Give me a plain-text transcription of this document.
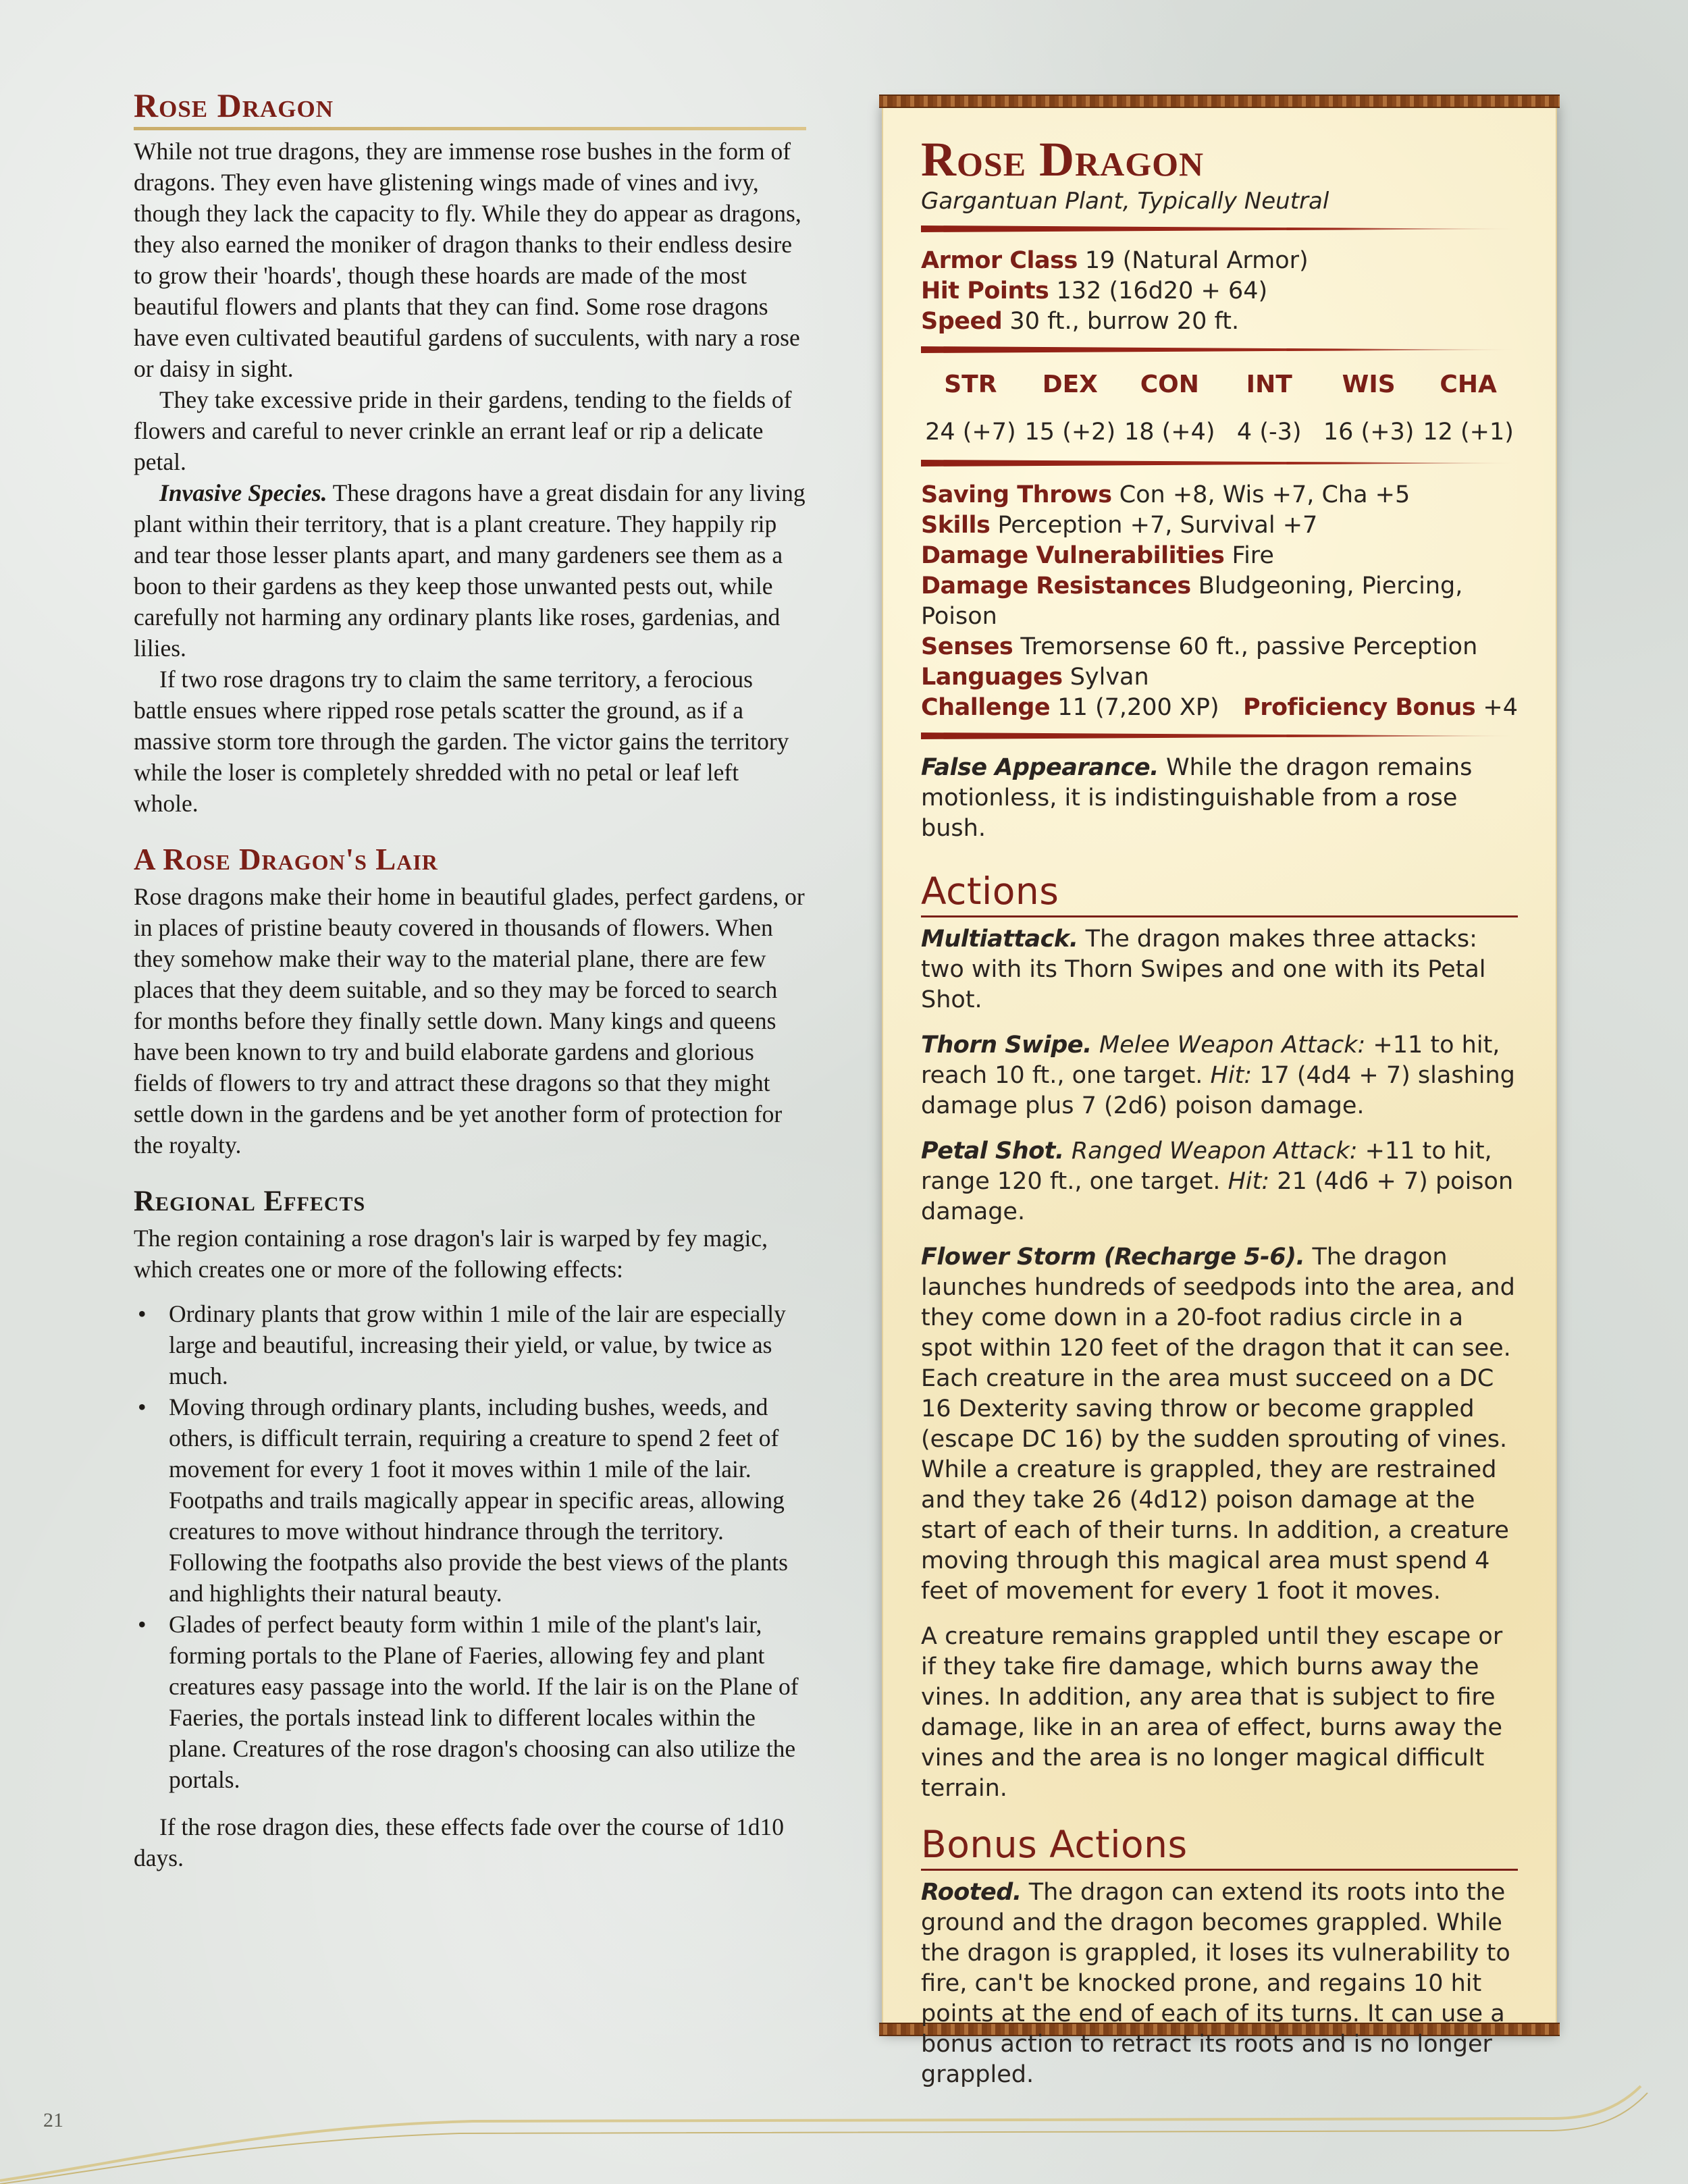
Rose Dragon

While not true dragons, they are immense rose bushes in the form of dragons. They even have glistening wings made of vines and ivy, though they lack the capacity to fly. While they do appear as dragons, they also earned the moniker of dragon thanks to their endless desire to grow their 'hoards', though these hoards are made of the most beautiful flowers and plants that they can find. Some rose dragons have even cultivated beautiful gardens of succulents, with nary a rose or daisy in sight.

They take excessive pride in their gardens, tending to the fields of flowers and careful to never crinkle an errant leaf or rip a delicate petal.

Invasive Species. These dragons have a great disdain for any living plant within their territory, that is a plant creature. They happily rip and tear those lesser plants apart, and many gardeners see them as a boon to their gardens as they keep those unwanted pests out, while carefully not harming any ordinary plants like roses, gardenias, and lilies.

If two rose dragons try to claim the same territory, a ferocious battle ensues where ripped rose petals scatter the ground, as if a massive storm tore through the garden. The victor gains the territory while the loser is completely shredded with no petal or leaf left whole.

A Rose Dragon's Lair

Rose dragons make their home in beautiful glades, perfect gardens, or in places of pristine beauty covered in thousands of flowers. When they somehow make their way to the material plane, there are few places that they deem suitable, and so they may be forced to search for months before they finally settle down. Many kings and queens have been known to try and build elaborate gardens and glorious fields of flowers to try and attract these dragons so that they might settle down in the gardens and be yet another form of protection for the royalty.

Regional Effects

The region containing a rose dragon's lair is warped by fey magic, which creates one or more of the following effects:

• Ordinary plants that grow within 1 mile of the lair are especially large and beautiful, increasing their yield, or value, by twice as much.
• Moving through ordinary plants, including bushes, weeds, and others, is difficult terrain, requiring a creature to spend 2 feet of movement for every 1 foot it moves within 1 mile of the lair. Footpaths and trails magically appear in specific areas, allowing creatures to move without hindrance through the territory. Following the footpaths also provide the best views of the plants and highlights their natural beauty.
• Glades of perfect beauty form within 1 mile of the plant's lair, forming portals to the Plane of Faeries, allowing fey and plant creatures easy passage into the world. If the lair is on the Plane of Faeries, the portals instead link to different locales within the plane. Creatures of the rose dragon's choosing can also utilize the portals.

If the rose dragon dies, these effects fade over the course of 1d10 days.

Rose Dragon

Gargantuan Plant, Typically Neutral

Armor Class 19 (Natural Armor)

Hit Points 132 (16d20 + 64)

Speed 30 ft., burrow 20 ft.

STR
24 (+7)
DEX
15 (+2)
CON
18 (+4)
INT
4 (-3)
WIS
16 (+3)
CHA
12 (+1)

Saving Throws Con +8, Wis +7, Cha +5

Skills Perception +7, Survival +7

Damage Vulnerabilities Fire

Damage Resistances Bludgeoning, Piercing, Poison

Senses Tremorsense 60 ft., passive Perception

Languages Sylvan

Challenge 11 (7,200 XP) Proficiency Bonus +4

False Appearance. While the dragon remains motionless, it is indistinguishable from a rose bush.

Actions

Multiattack. The dragon makes three attacks: two with its Thorn Swipes and one with its Petal Shot.

Thorn Swipe. Melee Weapon Attack: +11 to hit, reach 10 ft., one target. Hit: 17 (4d4 + 7) slashing damage plus 7 (2d6) poison damage.

Petal Shot. Ranged Weapon Attack: +11 to hit, range 120 ft., one target. Hit: 21 (4d6 + 7) poison damage.

Flower Storm (Recharge 5-6). The dragon launches hundreds of seedpods into the area, and they come down in a 20-foot radius circle in a spot within 120 feet of the dragon that it can see. Each creature in the area must succeed on a DC 16 Dexterity saving throw or become grappled (escape DC 16) by the sudden sprouting of vines. While a creature is grappled, they are restrained and they take 26 (4d12) poison damage at the start of each of their turns. In addition, a creature moving through this magical area must spend 4 feet of movement for every 1 foot it moves.

A creature remains grappled until they escape or if they take fire damage, which burns away the vines. In addition, any area that is subject to fire damage, like in an area of effect, burns away the vines and the area is no longer magical difficult terrain.

Bonus Actions

Rooted. The dragon can extend its roots into the ground and the dragon becomes grappled. While the dragon is grappled, it loses its vulnerability to fire, can't be knocked prone, and regains 10 hit points at the end of each of its turns. It can use a bonus action to retract its roots and is no longer grappled.

21
